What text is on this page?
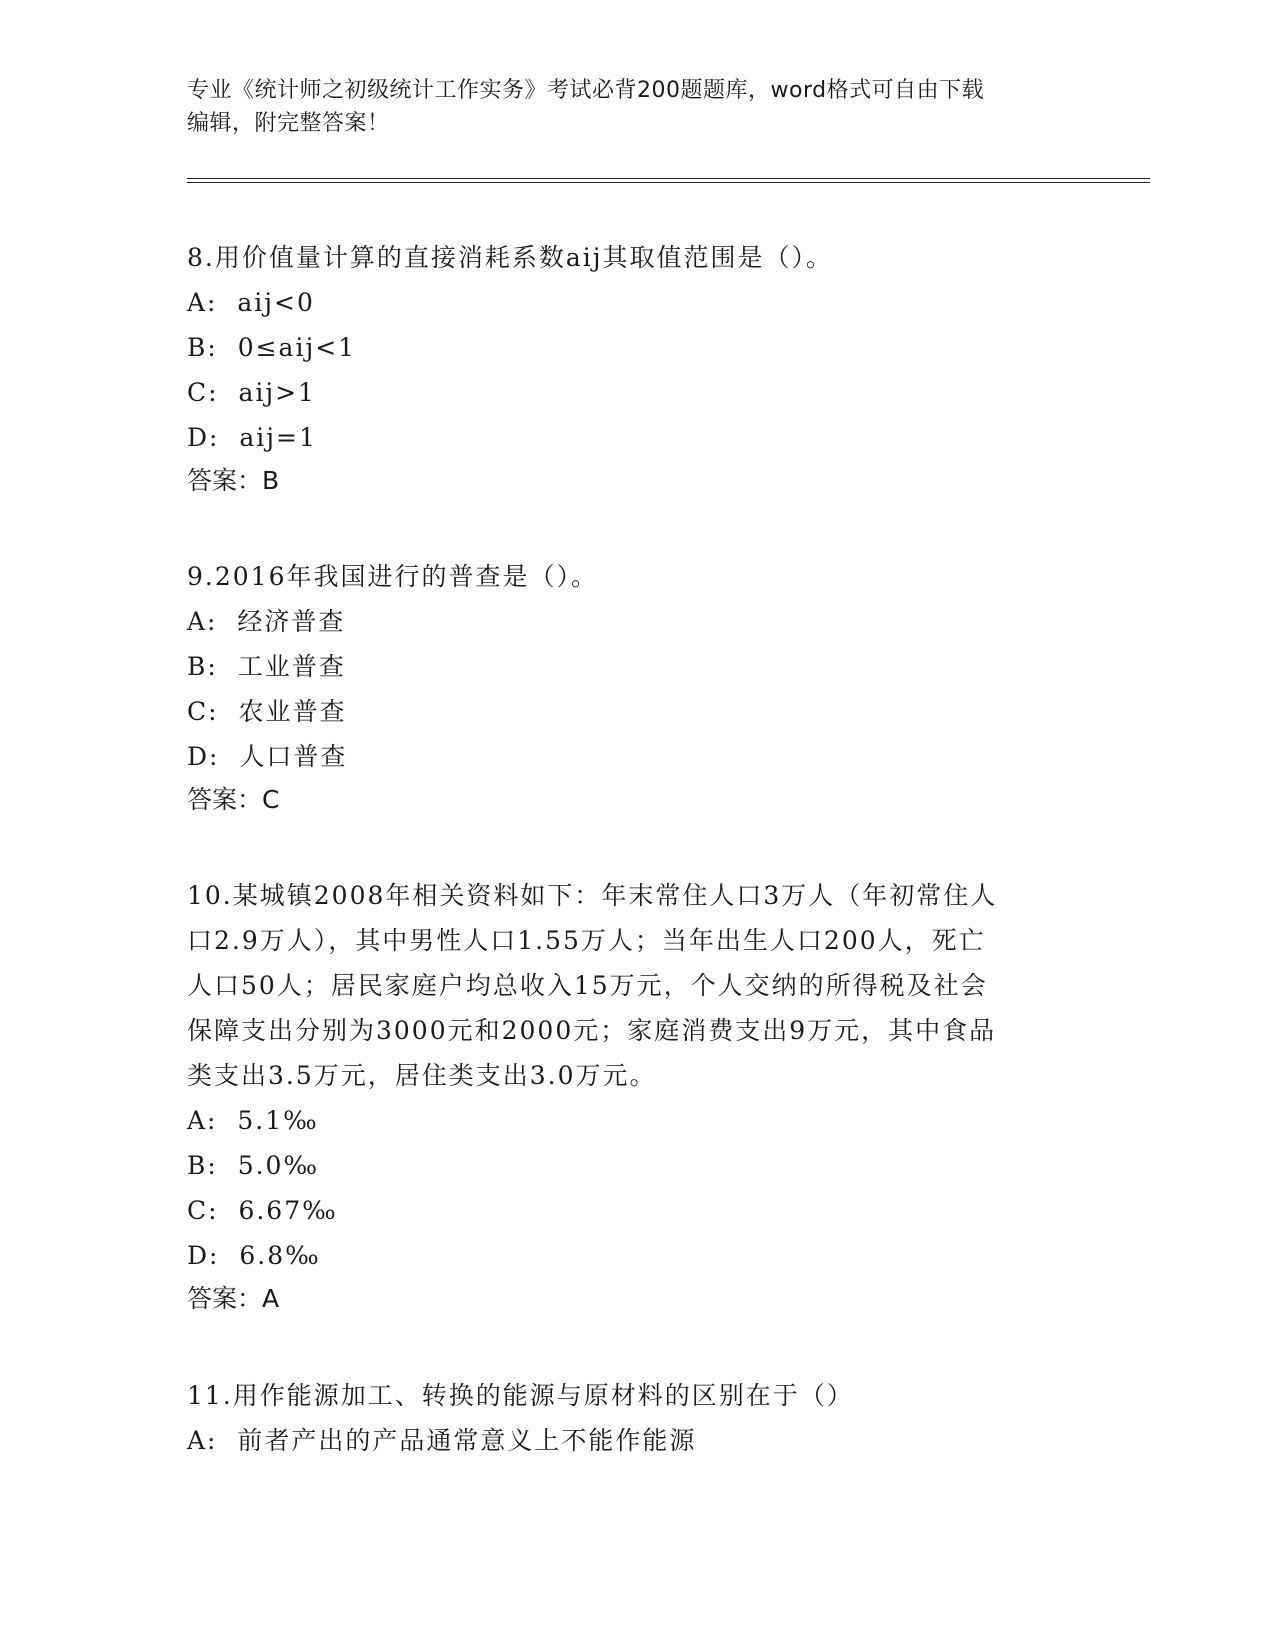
专业《统计师之初级统计工作实务》考试必背200题题库，word格式可自由下载
编辑，附完整答案！

8.用价值量计算的直接消耗系数aij其取值范围是（）。

A:  aij<0

B:  0≤aij<1

C:  aij>1

D:  aij=1

答案：B

9.2016年我国进行的普查是（）。

A:  经济普查

B:  工业普查

C:  农业普查

D:  人口普查

答案：C

10.某城镇2008年相关资料如下：年末常住人口3万人（年初常住人

口2.9万人），其中男性人口1.55万人；当年出生人口200人，死亡

人口50人；居民家庭户均总收入15万元，个人交纳的所得税及社会

保障支出分别为3000元和2000元；家庭消费支出9万元，其中食品

类支出3.5万元，居住类支出3.0万元。

A:  5.1‰

B:  5.0‰

C:  6.67‰

D:  6.8‰

答案：A

11.用作能源加工、转换的能源与原材料的区别在于（）

A:  前者产出的产品通常意义上不能作能源
